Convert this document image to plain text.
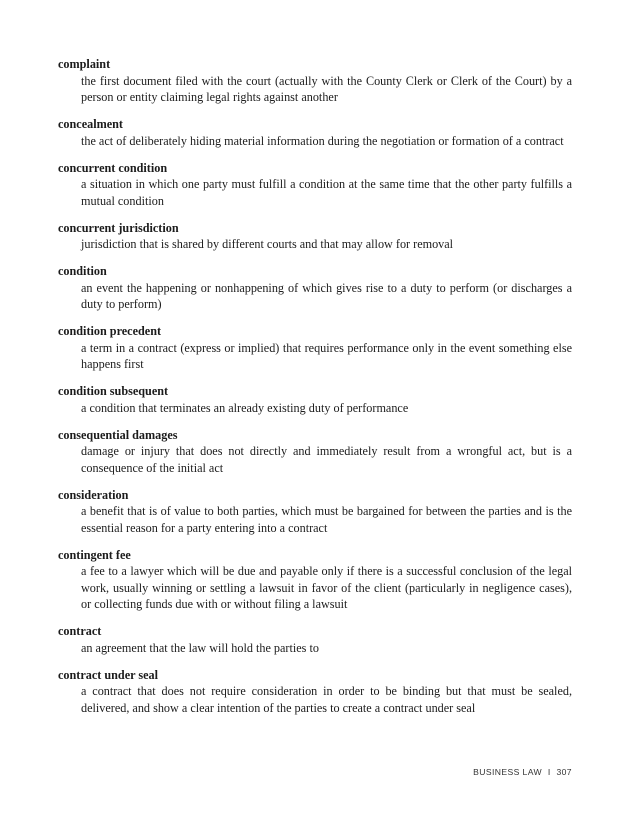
complaint

the first document filed with the court (actually with the County Clerk or Clerk of the Court) by a person or entity claiming legal rights against another

concealment

the act of deliberately hiding material information during the negotiation or formation of a contract

concurrent condition

a situation in which one party must fulfill a condition at the same time that the other party fulfills a mutual condition

concurrent jurisdiction

jurisdiction that is shared by different courts and that may allow for removal

condition

an event the happening or nonhappening of which gives rise to a duty to perform (or discharges a duty to perform)

condition precedent

a term in a contract (express or implied) that requires performance only in the event something else happens first

condition subsequent

a condition that terminates an already existing duty of performance

consequential damages

damage or injury that does not directly and immediately result from a wrongful act, but is a consequence of the initial act

consideration

a benefit that is of value to both parties, which must be bargained for between the parties and is the essential reason for a party entering into a contract

contingent fee

a fee to a lawyer which will be due and payable only if there is a successful conclusion of the legal work, usually winning or settling a lawsuit in favor of the client (particularly in negligence cases), or collecting funds due with or without filing a lawsuit

contract

an agreement that the law will hold the parties to

contract under seal

a contract that does not require consideration in order to be binding but that must be sealed, delivered, and show a clear intention of the parties to create a contract under seal

BUSINESS LAW I 307
